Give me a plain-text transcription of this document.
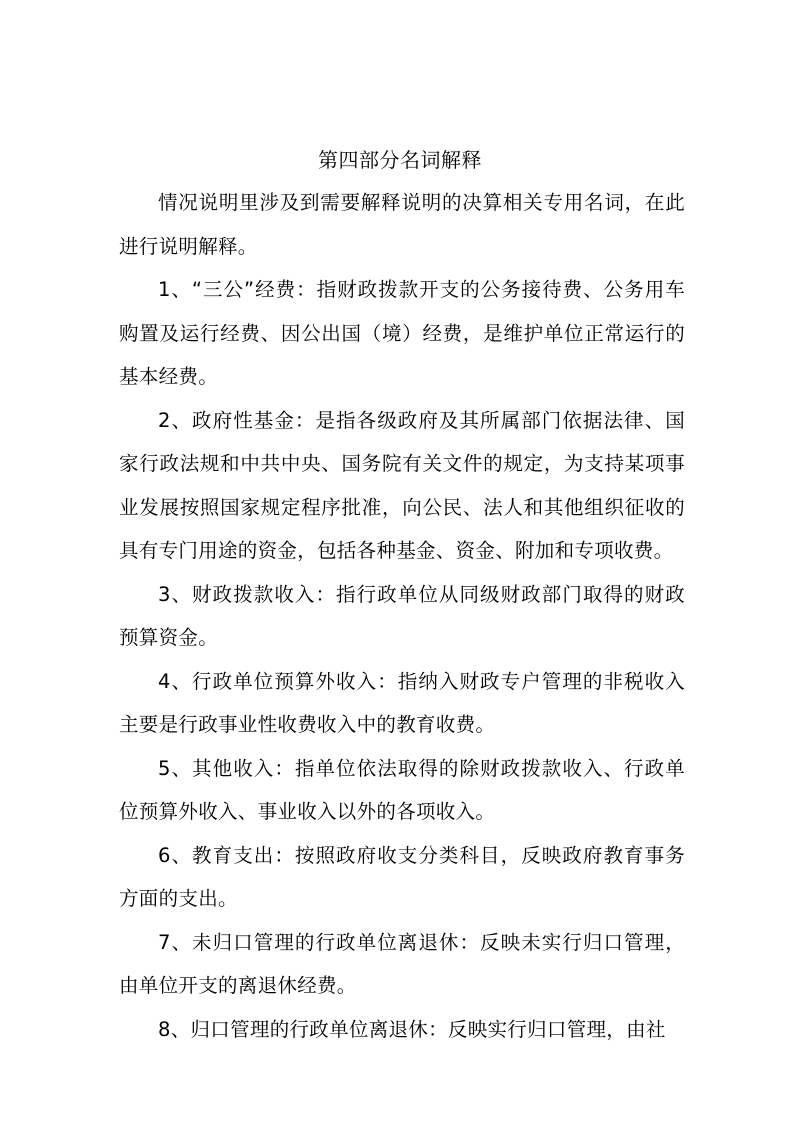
第四部分名词解释

情况说明里涉及到需要解释说明的决算相关专用名词，在此进行说明解释。

1、“三公”经费：指财政拨款开支的公务接待费、公务用车购置及运行经费、因公出国（境）经费，是维护单位正常运行的基本经费。

2、政府性基金：是指各级政府及其所属部门依据法律、国家行政法规和中共中央、国务院有关文件的规定，为支持某项事业发展按照国家规定程序批准，向公民、法人和其他组织征收的具有专门用途的资金，包括各种基金、资金、附加和专项收费。

3、财政拨款收入：指行政单位从同级财政部门取得的财政预算资金。

4、行政单位预算外收入：指纳入财政专户管理的非税收入主要是行政事业性收费收入中的教育收费。

5、其他收入：指单位依法取得的除财政拨款收入、行政单位预算外收入、事业收入以外的各项收入。

6、教育支出：按照政府收支分类科目，反映政府教育事务方面的支出。

7、未归口管理的行政单位离退休：反映未实行归口管理，由单位开支的离退休经费。

8、归口管理的行政单位离退休：反映实行归口管理，由社
